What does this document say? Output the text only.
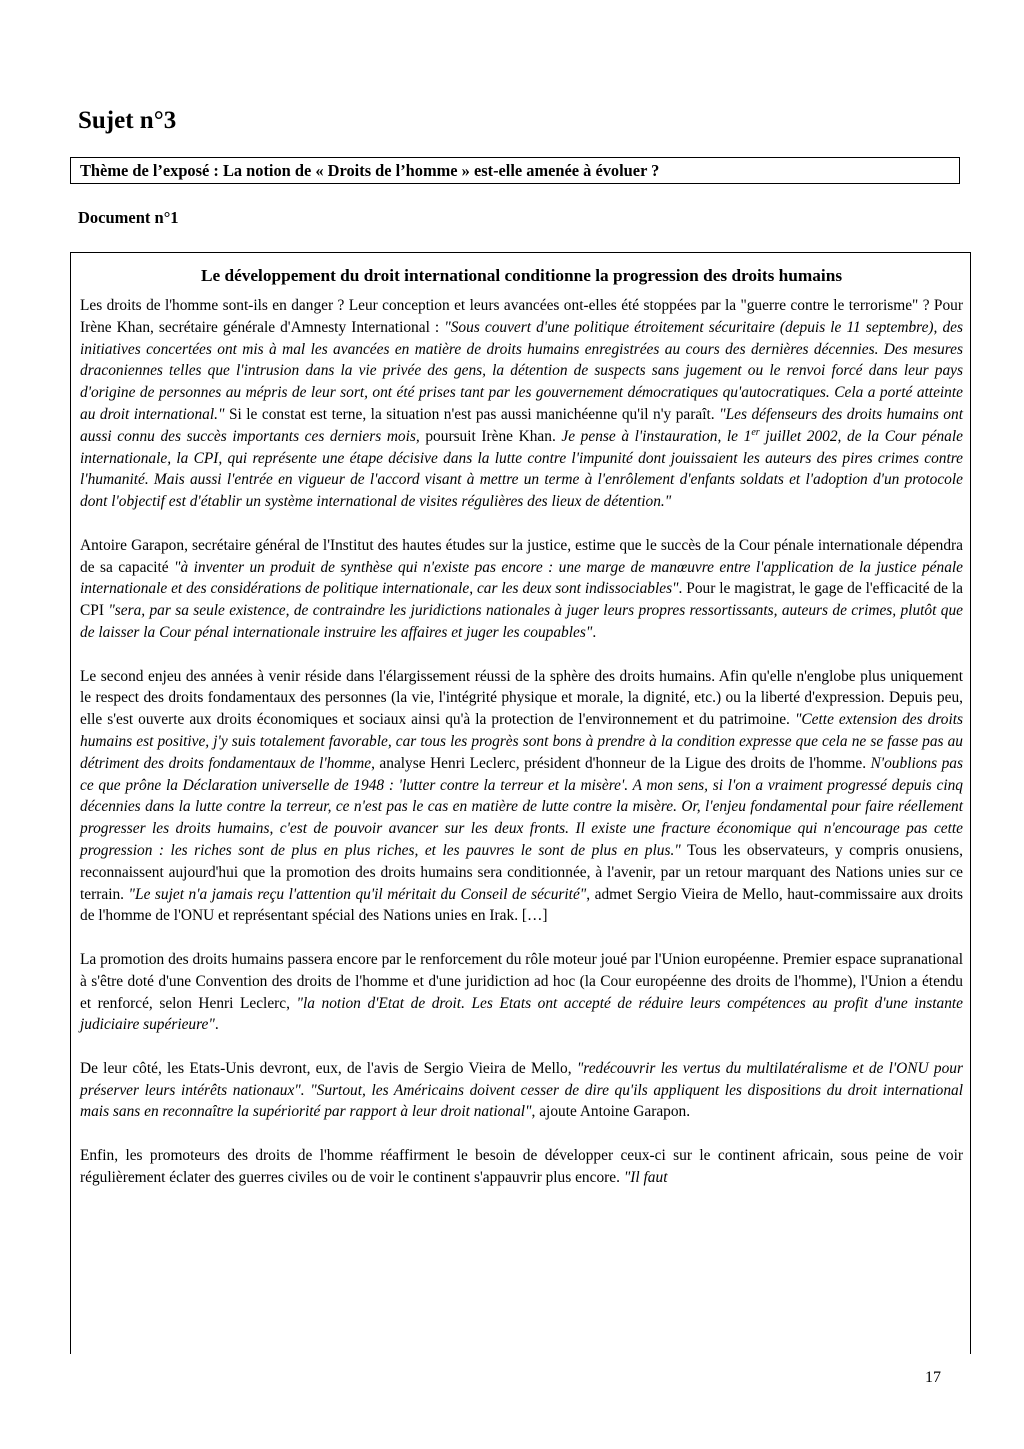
Sujet n°3
Thème de l’exposé : La notion de « Droits de l’homme » est-elle amenée à évoluer ?
Document n°1
Le développement du droit international conditionne la progression des droits humains

Les droits de l'homme sont-ils en danger ? Leur conception et leurs avancées ont-elles été stoppées par la "guerre contre le terrorisme" ? Pour Irène Khan, secrétaire générale d'Amnesty International : "Sous couvert d'une politique étroitement sécuritaire (depuis le 11 septembre), des initiatives concertées ont mis à mal les avancées en matière de droits humains enregistrées au cours des dernières décennies. Des mesures draconiennes telles que l'intrusion dans la vie privée des gens, la détention de suspects sans jugement ou le renvoi forcé dans leur pays d'origine de personnes au mépris de leur sort, ont été prises tant par les gouvernement démocratiques qu'autocratiques. Cela a porté atteinte au droit international." Si le constat est terne, la situation n'est pas aussi manichéenne qu'il n'y paraît. "Les défenseurs des droits humains ont aussi connu des succès importants ces derniers mois, poursuit Irène Khan. Je pense à l'instauration, le 1er juillet 2002, de la Cour pénale internationale, la CPI, qui représente une étape décisive dans la lutte contre l'impunité dont jouissaient les auteurs des pires crimes contre l'humanité. Mais aussi l'entrée en vigueur de l'accord visant à mettre un terme à l'enrôlement d'enfants soldats et l'adoption d'un protocole dont l'objectif est d'établir un système international de visites régulières des lieux de détention."

Antoire Garapon, secrétaire général de l'Institut des hautes études sur la justice, estime que le succès de la Cour pénale internationale dépendra de sa capacité "à inventer un produit de synthèse qui n'existe pas encore : une marge de manœuvre entre l'application de la justice pénale internationale et des considérations de politique internationale, car les deux sont indissociables". Pour le magistrat, le gage de l'efficacité de la CPI "sera, par sa seule existence, de contraindre les juridictions nationales à juger leurs propres ressortissants, auteurs de crimes, plutôt que de laisser la Cour pénal internationale instruire les affaires et juger les coupables".

Le second enjeu des années à venir réside dans l'élargissement réussi de la sphère des droits humains. Afin qu'elle n'englobe plus uniquement le respect des droits fondamentaux des personnes (la vie, l'intégrité physique et morale, la dignité, etc.) ou la liberté d'expression. Depuis peu, elle s'est ouverte aux droits économiques et sociaux ainsi qu'à la protection de l'environnement et du patrimoine. "Cette extension des droits humains est positive, j'y suis totalement favorable, car tous les progrès sont bons à prendre à la condition expresse que cela ne se fasse pas au détriment des droits fondamentaux de l'homme, analyse Henri Leclerc, président d'honneur de la Ligue des droits de l'homme. N'oublions pas ce que prône la Déclaration universelle de 1948 : 'lutter contre la terreur et la misère'. A mon sens, si l'on a vraiment progressé depuis cinq décennies dans la lutte contre la terreur, ce n'est pas le cas en matière de lutte contre la misère. Or, l'enjeu fondamental pour faire réellement progresser les droits humains, c'est de pouvoir avancer sur les deux fronts. Il existe une fracture économique qui n'encourage pas cette progression : les riches sont de plus en plus riches, et les pauvres le sont de plus en plus." Tous les observateurs, y compris onusiens, reconnaissent aujourd'hui que la promotion des droits humains sera conditionnée, à l'avenir, par un retour marquant des Nations unies sur ce terrain. "Le sujet n'a jamais reçu l'attention qu'il méritait du Conseil de sécurité", admet Sergio Vieira de Mello, haut-commissaire aux droits de l'homme de l'ONU et représentant spécial des Nations unies en Irak. […]

La promotion des droits humains passera encore par le renforcement du rôle moteur joué par l'Union européenne. Premier espace supranational à s'être doté d'une Convention des droits de l'homme et d'une juridiction ad hoc (la Cour européenne des droits de l'homme), l'Union a étendu et renforcé, selon Henri Leclerc, "la notion d'Etat de droit. Les Etats ont accepté de réduire leurs compétences au profit d'une instante judiciaire supérieure".

De leur côté, les Etats-Unis devront, eux, de l'avis de Sergio Vieira de Mello, "redécouvrir les vertus du multilatéralisme et de l'ONU pour préserver leurs intérêts nationaux". "Surtout, les Américains doivent cesser de dire qu'ils appliquent les dispositions du droit international mais sans en reconnaître la supériorité par rapport à leur droit national", ajoute Antoine Garapon.

Enfin, les promoteurs des droits de l'homme réaffirment le besoin de développer ceux-ci sur le continent africain, sous peine de voir régulièrement éclater des guerres civiles ou de voir le continent s'appauvrir plus encore. "Il faut

17
